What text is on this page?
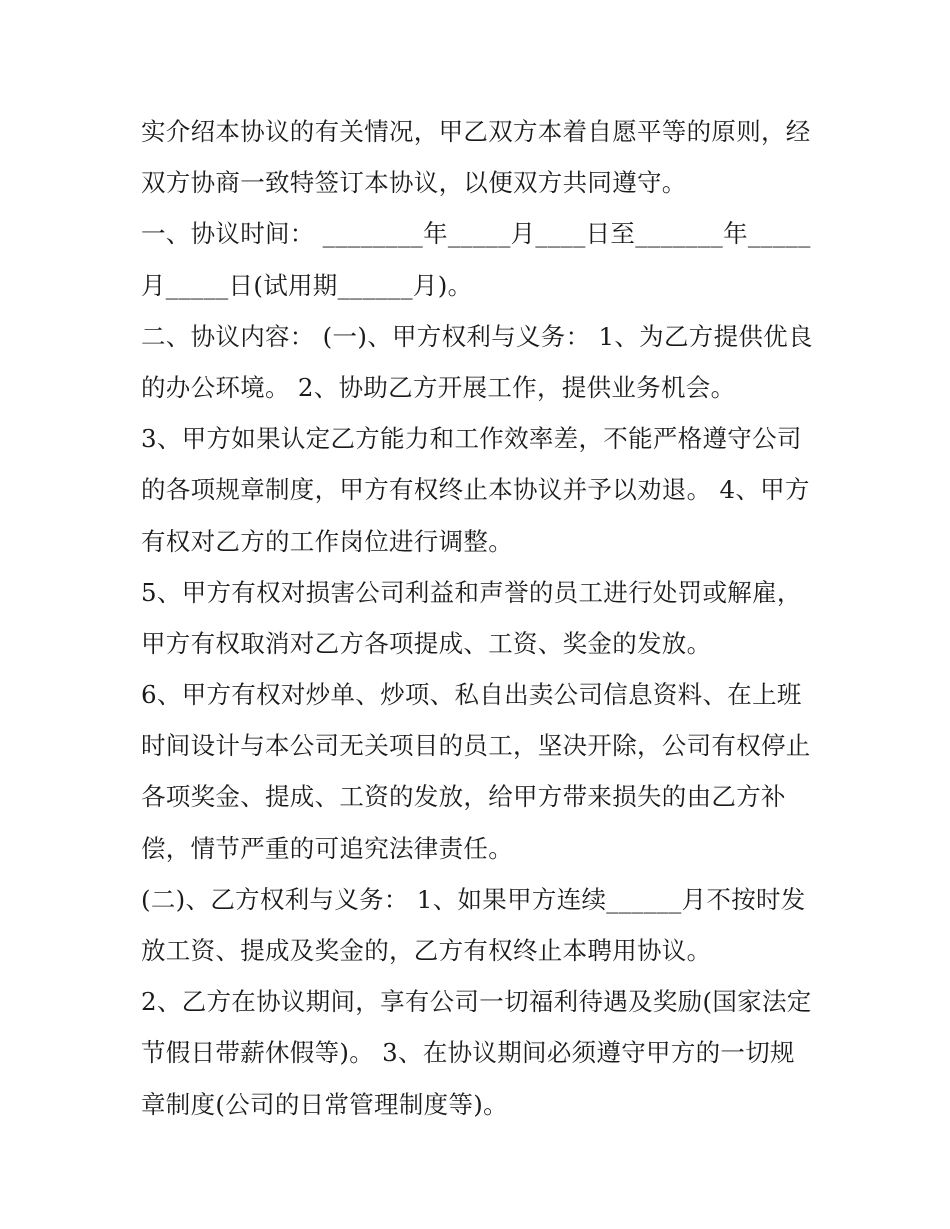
实介绍本协议的有关情况，甲乙双方本着自愿平等的原则，经
双方协商一致特签订本协议，以便双方共同遵守。
一、协议时间： ________年_____月____日至_______年_____
月_____日(试用期______月)。
二、协议内容： (一)、甲方权利与义务： 1、为乙方提供优良
的办公环境。 2、协助乙方开展工作，提供业务机会。
3、甲方如果认定乙方能力和工作效率差，不能严格遵守公司
的各项规章制度，甲方有权终止本协议并予以劝退。 4、甲方
有权对乙方的工作岗位进行调整。
5、甲方有权对损害公司利益和声誉的员工进行处罚或解雇，
甲方有权取消对乙方各项提成、工资、奖金的发放。
6、甲方有权对炒单、炒项、私自出卖公司信息资料、在上班
时间设计与本公司无关项目的员工，坚决开除，公司有权停止
各项奖金、提成、工资的发放，给甲方带来损失的由乙方补
偿，情节严重的可追究法律责任。
(二)、乙方权利与义务： 1、如果甲方连续______月不按时发
放工资、提成及奖金的，乙方有权终止本聘用协议。
2、乙方在协议期间，享有公司一切福利待遇及奖励(国家法定
节假日带薪休假等)。 3、在协议期间必须遵守甲方的一切规
章制度(公司的日常管理制度等)。
